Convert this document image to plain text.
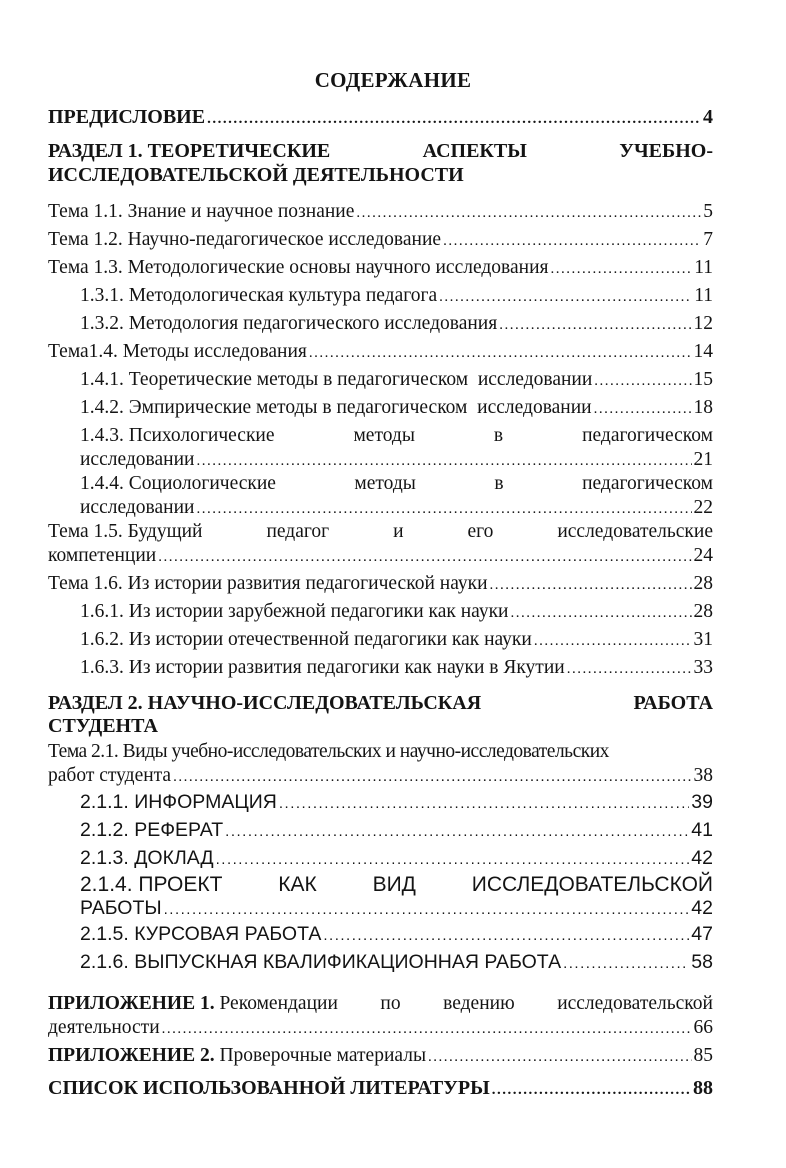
СОДЕРЖАНИЕ
ПРЕДИСЛОВИЕ .....	4
РАЗДЕЛ 1. ТЕОРЕТИЧЕСКИЕ	АСПЕКТЫ	УЧЕБНО-
ИССЛЕДОВАТЕЛЬСКОЙ ДЕЯТЕЛЬНОСТИ
Тема 1.1. Знание и научное познание .....	5
Тема 1.2. Научно-педагогическое исследование .....	7
Тема 1.3. Методологические основы научного исследования .....	11
1.3.1. Методологическая культура педагога .....	11
1.3.2. Методология педагогического исследования .....	12
Тема1.4. Методы исследования .....	14
1.4.1. Теоретические методы в педагогическом  исследовании .....	15
1.4.2. Эмпирические методы в педагогическом  исследовании .....	18
1.4.3. Психологические	методы	в	педагогическом
исследовании .....	21
1.4.4. Социологические	методы	в	педагогическом
исследовании .....	22
Тема 1.5. Будущий	педагог	и	его	исследовательские
компетенции .....	24
Тема 1.6. Из истории развития педагогической науки .....	28
1.6.1. Из истории зарубежной педагогики как науки .....	28
1.6.2. Из истории отечественной педагогики как науки .....	31
1.6.3. Из истории развития педагогики как науки в Якутии .....	33
РАЗДЕЛ 2. НАУЧНО-ИССЛЕДОВАТЕЛЬСКАЯ	РАБОТА
СТУДЕНТА
Тема 2.1. Виды учебно-исследовательских и научно-исследовательских
работ студента .....	38
2.1.1. ИНФОРМАЦИЯ .....	39
2.1.2. РЕФЕРАТ .....	41
2.1.3. ДОКЛАД .....	42
2.1.4. ПРОЕКТ	КАК	ВИД	ИССЛЕДОВАТЕЛЬСКОЙ
РАБОТЫ .....	42
2.1.5. КУРСОВАЯ РАБОТА .....	47
2.1.6. ВЫПУСКНАЯ КВАЛИФИКАЦИОННАЯ РАБОТА .....	58
ПРИЛОЖЕНИЕ 1. Рекомендации по ведению исследовательской
деятельности .....	66
ПРИЛОЖЕНИЕ 2. Проверочные материалы .....	85
СПИСОК ИСПОЛЬЗОВАННОЙ ЛИТЕРАТУРЫ .....	88
